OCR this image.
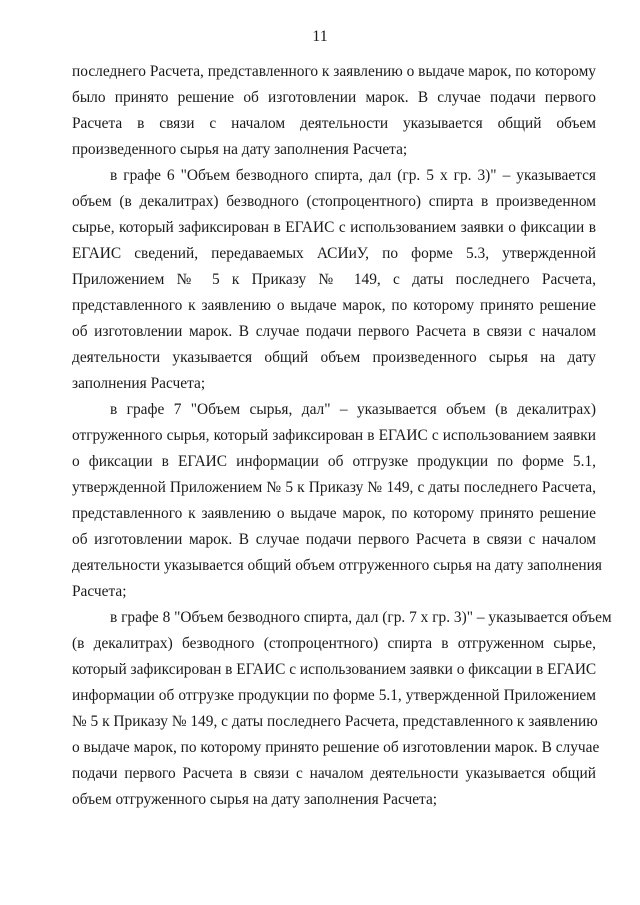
11
последнего Расчета, представленного к заявлению о выдаче марок, по которому
было принято решение об изготовлении марок. В случае подачи первого
Расчета в связи с началом деятельности указывается общий объем
произведенного сырья на дату заполнения Расчета;
в графе 6 "Объем безводного спирта, дал (гр. 5 х гр. 3)" – указывается
объем (в декалитрах) безводного (стопроцентного) спирта в произведенном
сырье, который зафиксирован в ЕГАИС с использованием заявки о фиксации в
ЕГАИС сведений, передаваемых АСИиУ, по форме 5.3, утвержденной
Приложением № 5 к Приказу № 149, с даты последнего Расчета,
представленного к заявлению о выдаче марок, по которому принято решение
об изготовлении марок. В случае подачи первого Расчета в связи с началом
деятельности указывается общий объем произведенного сырья на дату
заполнения Расчета;
в графе 7 "Объем сырья, дал" – указывается объем (в декалитрах)
отгруженного сырья, который зафиксирован в ЕГАИС с использованием заявки
о фиксации в ЕГАИС информации об отгрузке продукции по форме 5.1,
утвержденной Приложением № 5 к Приказу № 149, с даты последнего Расчета,
представленного к заявлению о выдаче марок, по которому принято решение
об изготовлении марок. В случае подачи первого Расчета в связи с началом
деятельности указывается общий объем отгруженного сырья на дату заполнения
Расчета;
в графе 8 "Объем безводного спирта, дал (гр. 7 х гр. 3)" – указывается объем
(в декалитрах) безводного (стопроцентного) спирта в отгруженном сырье,
который зафиксирован в ЕГАИС с использованием заявки о фиксации в ЕГАИС
информации об отгрузке продукции по форме 5.1, утвержденной Приложением
№ 5 к Приказу № 149, с даты последнего Расчета, представленного к заявлению
о выдаче марок, по которому принято решение об изготовлении марок. В случае
подачи первого Расчета в связи с началом деятельности указывается общий
объем отгруженного сырья на дату заполнения Расчета;
